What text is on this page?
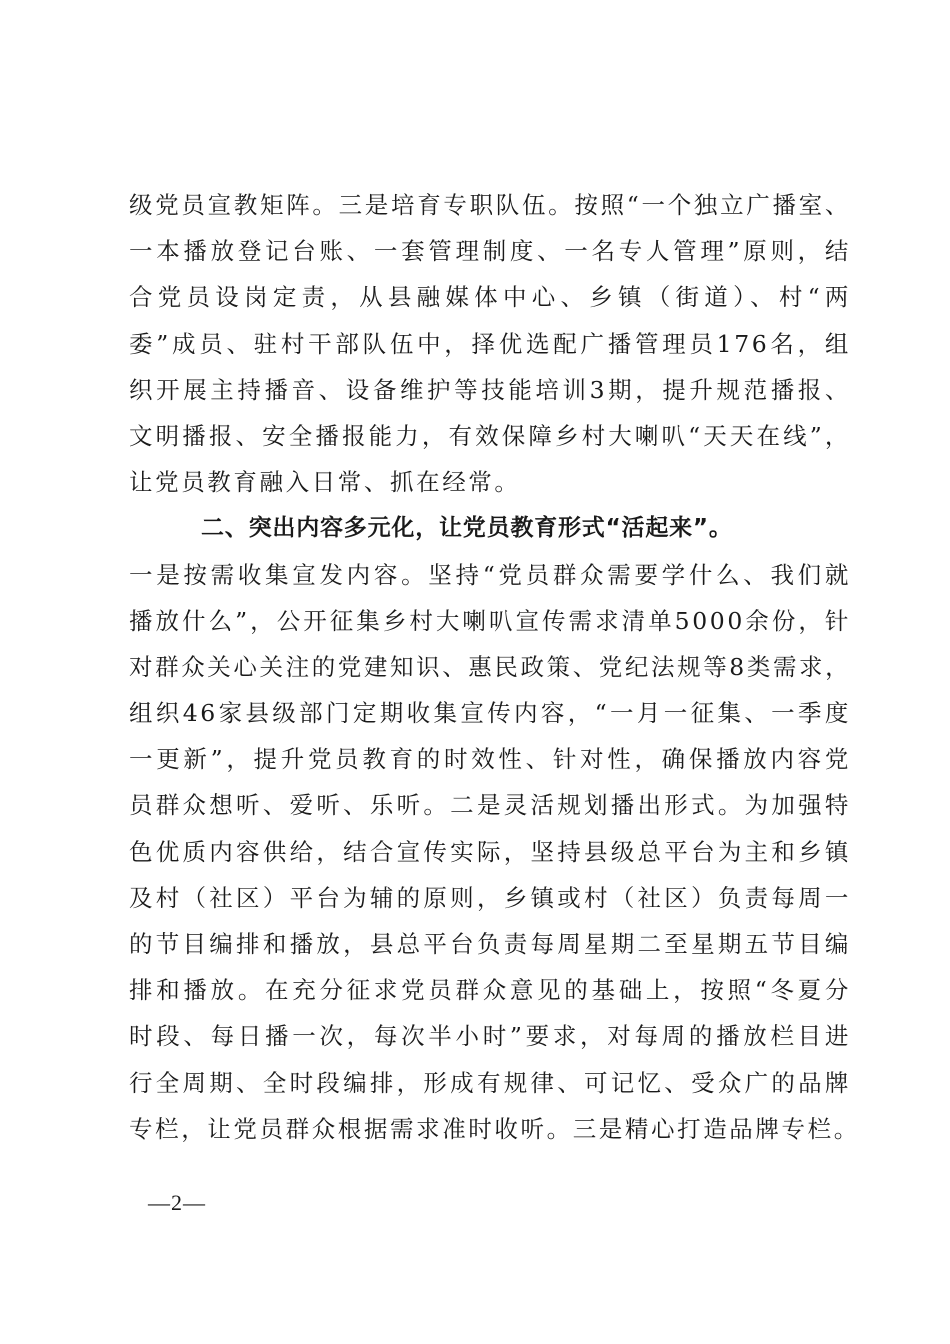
级党员宣教矩阵。三是培育专职队伍。按照“一个独立广播室、
一本播放登记台账、一套管理制度、一名专人管理”原则，结
合党员设岗定责，从县融媒体中心、乡镇（街道）、村“两
委”成员、驻村干部队伍中，择优选配广播管理员176名，组
织开展主持播音、设备维护等技能培训3期，提升规范播报、
文明播报、安全播报能力，有效保障乡村大喇叭“天天在线”，
让党员教育融入日常、抓在经常。
二、突出内容多元化，让党员教育形式“活起来”。
一是按需收集宣发内容。坚持“党员群众需要学什么、我们就
播放什么”，公开征集乡村大喇叭宣传需求清单5000余份，针
对群众关心关注的党建知识、惠民政策、党纪法规等8类需求，
组织46家县级部门定期收集宣传内容，“一月一征集、一季度
一更新”，提升党员教育的时效性、针对性，确保播放内容党
员群众想听、爱听、乐听。二是灵活规划播出形式。为加强特
色优质内容供给，结合宣传实际，坚持县级总平台为主和乡镇
及村（社区）平台为辅的原则，乡镇或村（社区）负责每周一
的节目编排和播放，县总平台负责每周星期二至星期五节目编
排和播放。在充分征求党员群众意见的基础上，按照“冬夏分
时段、每日播一次，每次半小时”要求，对每周的播放栏目进
行全周期、全时段编排，形成有规律、可记忆、受众广的品牌
专栏，让党员群众根据需求准时收听。三是精心打造品牌专栏。
—2—
